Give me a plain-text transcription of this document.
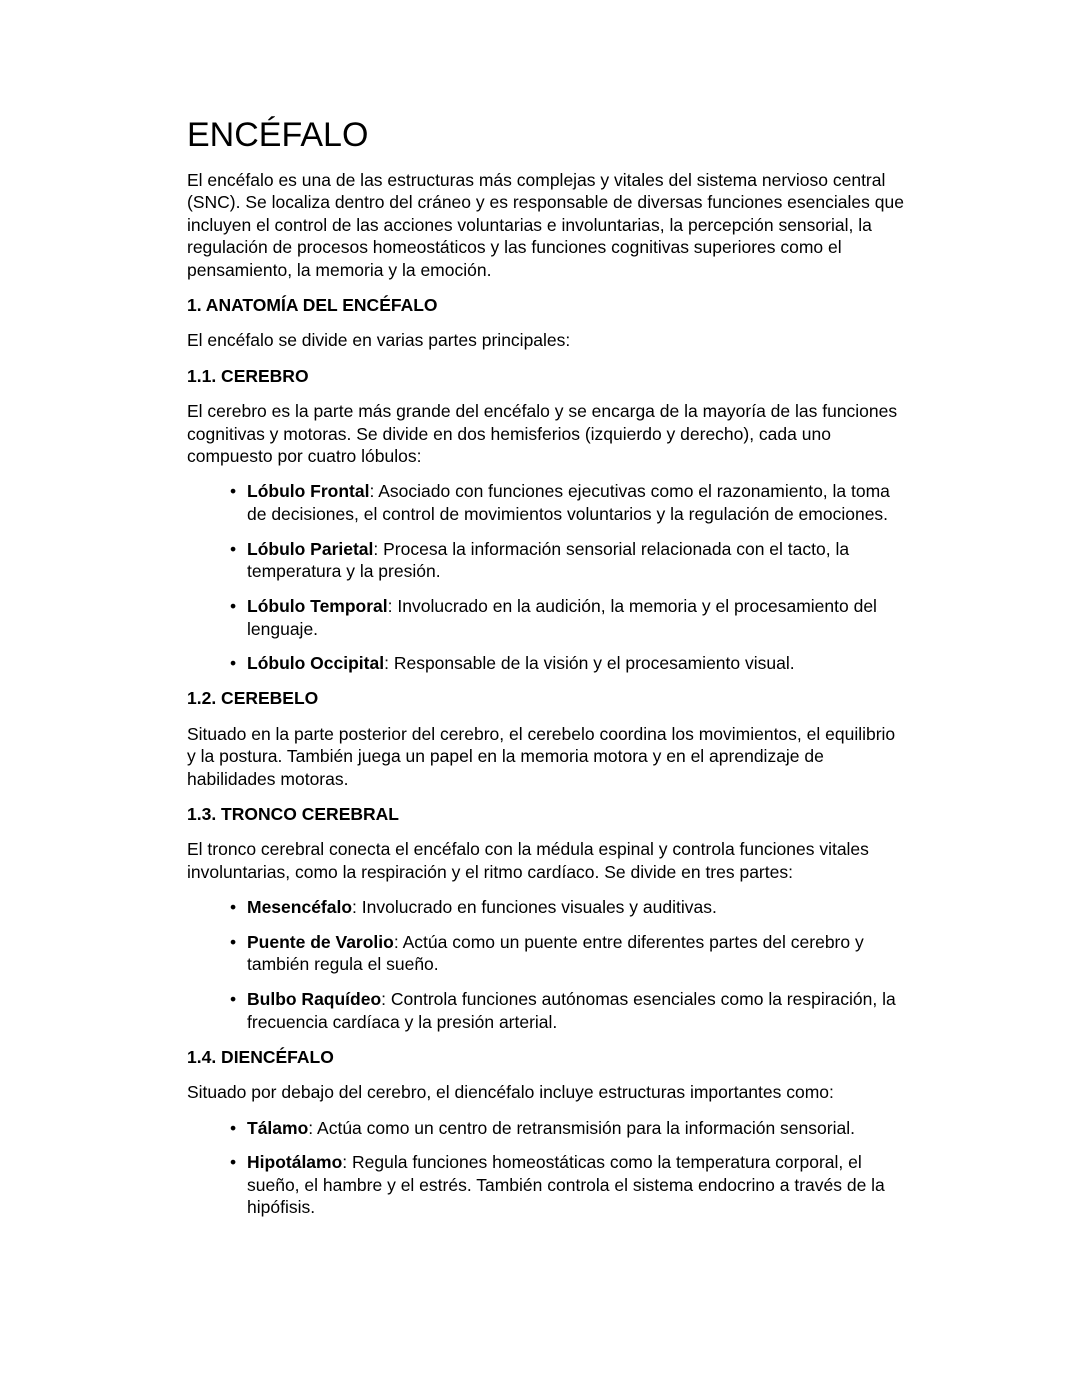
ENCÉFALO

El encéfalo es una de las estructuras más complejas y vitales del sistema nervioso central (SNC). Se localiza dentro del cráneo y es responsable de diversas funciones esenciales que incluyen el control de las acciones voluntarias e involuntarias, la percepción sensorial, la regulación de procesos homeostáticos y las funciones cognitivas superiores como el pensamiento, la memoria y la emoción.

1. ANATOMÍA DEL ENCÉFALO

El encéfalo se divide en varias partes principales:

1.1. CEREBRO

El cerebro es la parte más grande del encéfalo y se encarga de la mayoría de las funciones cognitivas y motoras. Se divide en dos hemisferios (izquierdo y derecho), cada uno compuesto por cuatro lóbulos:

• Lóbulo Frontal: Asociado con funciones ejecutivas como el razonamiento, la toma de decisiones, el control de movimientos voluntarios y la regulación de emociones.
• Lóbulo Parietal: Procesa la información sensorial relacionada con el tacto, la temperatura y la presión.
• Lóbulo Temporal: Involucrado en la audición, la memoria y el procesamiento del lenguaje.
• Lóbulo Occipital: Responsable de la visión y el procesamiento visual.
1.2. CEREBELO

Situado en la parte posterior del cerebro, el cerebelo coordina los movimientos, el equilibrio y la postura. También juega un papel en la memoria motora y en el aprendizaje de habilidades motoras.

1.3. TRONCO CEREBRAL

El tronco cerebral conecta el encéfalo con la médula espinal y controla funciones vitales involuntarias, como la respiración y el ritmo cardíaco. Se divide en tres partes:

• Mesencéfalo: Involucrado en funciones visuales y auditivas.
• Puente de Varolio: Actúa como un puente entre diferentes partes del cerebro y también regula el sueño.
• Bulbo Raquídeo: Controla funciones autónomas esenciales como la respiración, la frecuencia cardíaca y la presión arterial.
1.4. DIENCÉFALO

Situado por debajo del cerebro, el diencéfalo incluye estructuras importantes como:

• Tálamo: Actúa como un centro de retransmisión para la información sensorial.
• Hipotálamo: Regula funciones homeostáticas como la temperatura corporal, el sueño, el hambre y el estrés. También controla el sistema endocrino a través de la hipófisis.
